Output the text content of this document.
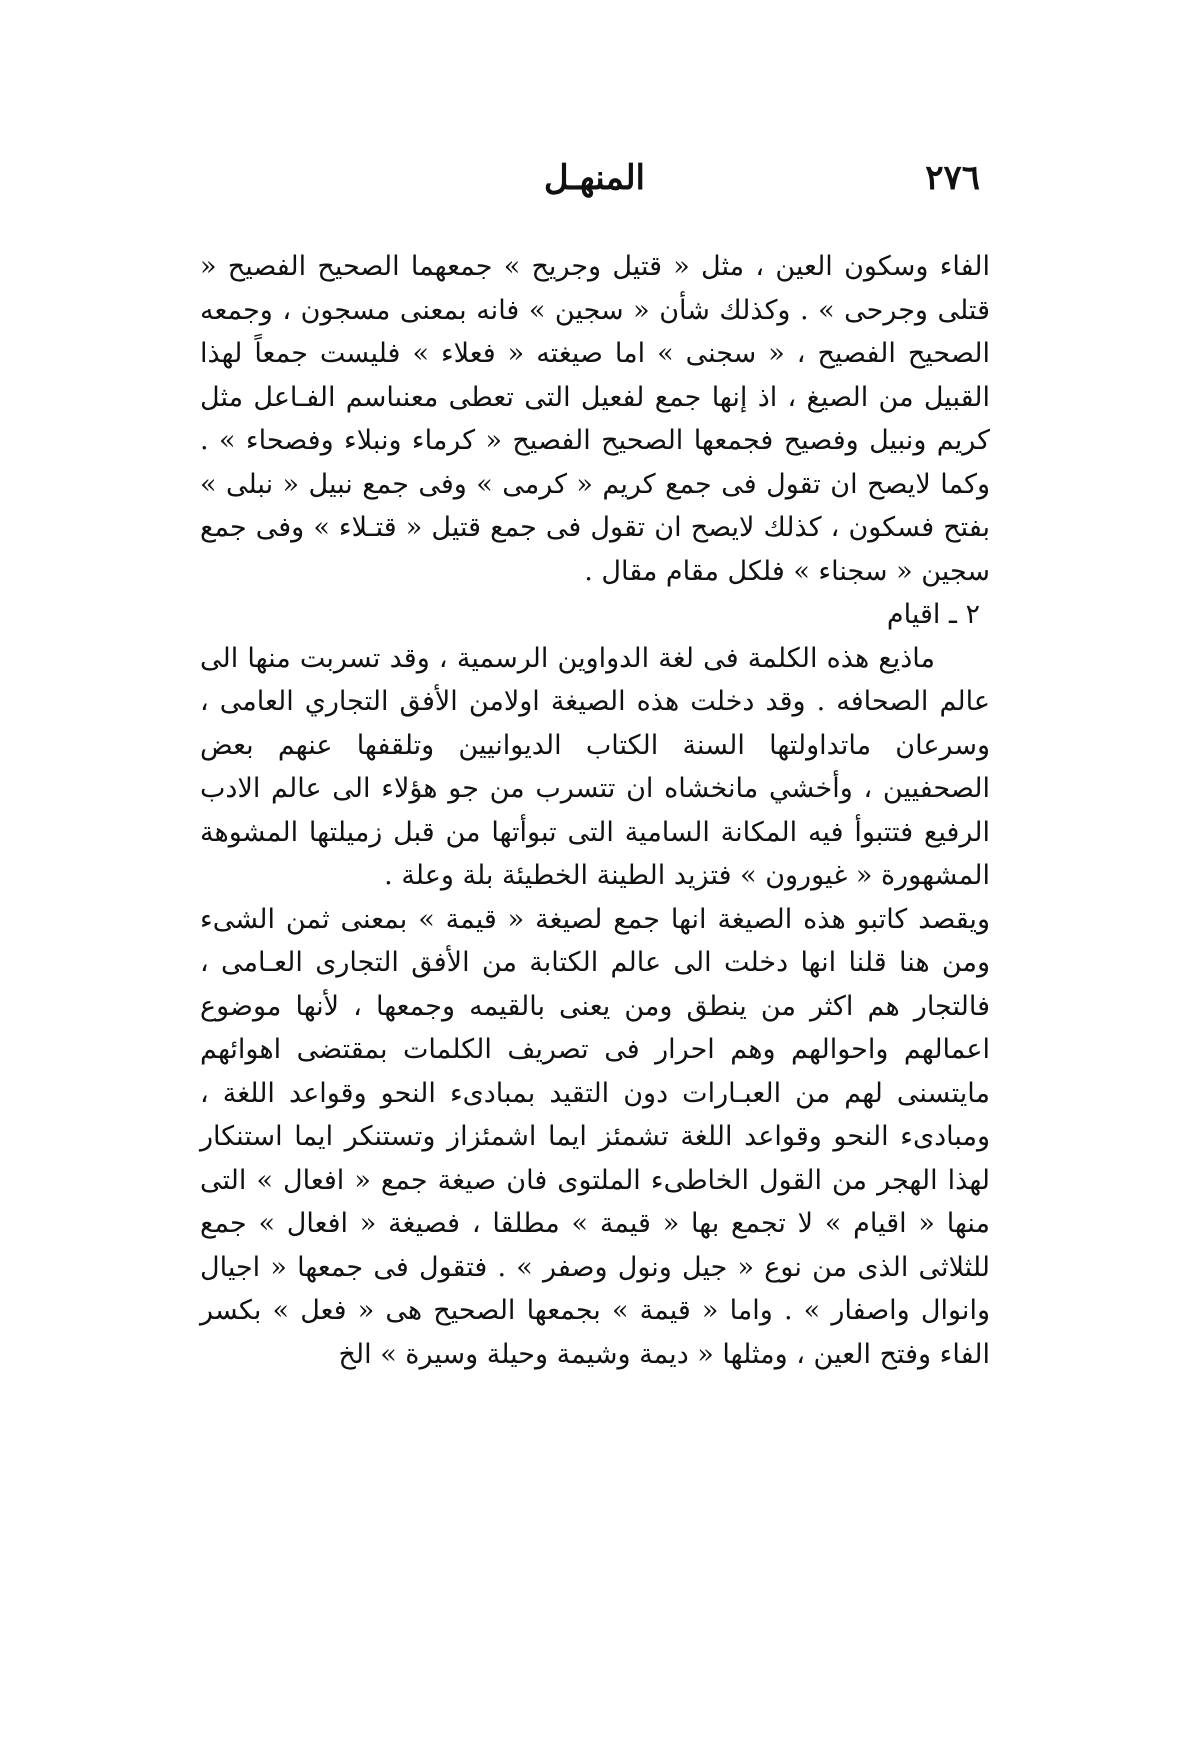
٢٧٦
المنهـل

الفاء وسكون العين ، مثل « قتيل وجريح » جمعهما الصحيح الفصيح « قتلى وجرحى » . وكذلك شأن « سجين » فانه بمعنى مسجون ، وجمعه الصحيح الفصيح ، « سجنى » اما صيغته « فعلاء » فليست جمعاً لهذا القبيل من الصيغ ، اذ إنها جمع لفعيل التى تعطى معنىاسم الفـاعل مثل كريم ونبيل وفصيح فجمعها الصحيح الفصيح « كرماء ونبلاء وفصحاء » . وكما لايصح ان تقول فى جمع كريم « كرمى » وفى جمع نبيل « نبلى » بفتح فسكون ، كذلك لايصح ان تقول فى جمع قتيل « قتـلاء » وفى جمع سجين « سجناء » فلكل مقام مقال .

٢ ـ اقيام

ماذيع هذه الكلمة فى لغة الدواوين الرسمية ، وقد تسربت منها الى عالم الصحافه . وقد دخلت هذه الصيغة اولامن الأفق التجاري العامى ، وسرعان ماتداولتها السنة الكتاب الديوانيين وتلقفها عنهم بعض الصحفيين ، وأخشي مانخشاه ان تتسرب من جو هؤلاء الى عالم الادب الرفيع فتتبوأ فيه المكانة السامية التى تبوأتها من قبل زميلتها المشوهة المشهورة « غيورون » فتزيد الطينة الخطيئة بلة وعلة .

ويقصد كاتبو هذه الصيغة انها جمع لصيغة « قيمة » بمعنى ثمن الشىء ومن هنا قلنا انها دخلت الى عالم الكتابة من الأفق التجارى العـامى ، فالتجار هم اكثر من ينطق ومن يعنى بالقيمه وجمعها ، لأنها موضوع اعمالهم واحوالهم وهم احرار فى تصريف الكلمات بمقتضى اهوائهم مايتسنى لهم من العبـارات دون التقيد بمبادىء النحو وقواعد اللغة ، ومبادىء النحو وقواعد اللغة تشمئز ايما اشمئزاز وتستنكر ايما استنكار لهذا الهجر من القول الخاطىء الملتوى فان صيغة جمع « افعال » التى منها « اقيام » لا تجمع بها « قيمة » مطلقا ، فصيغة « افعال » جمع للثلاثى الذى من نوع « جيل ونول وصفر » . فتقول فى جمعها « اجيال وانوال واصفار » . واما « قيمة » بجمعها الصحيح هى « فعل » بكسر الفاء وفتح العين ، ومثلها « ديمة وشيمة وحيلة وسيرة » الخ
